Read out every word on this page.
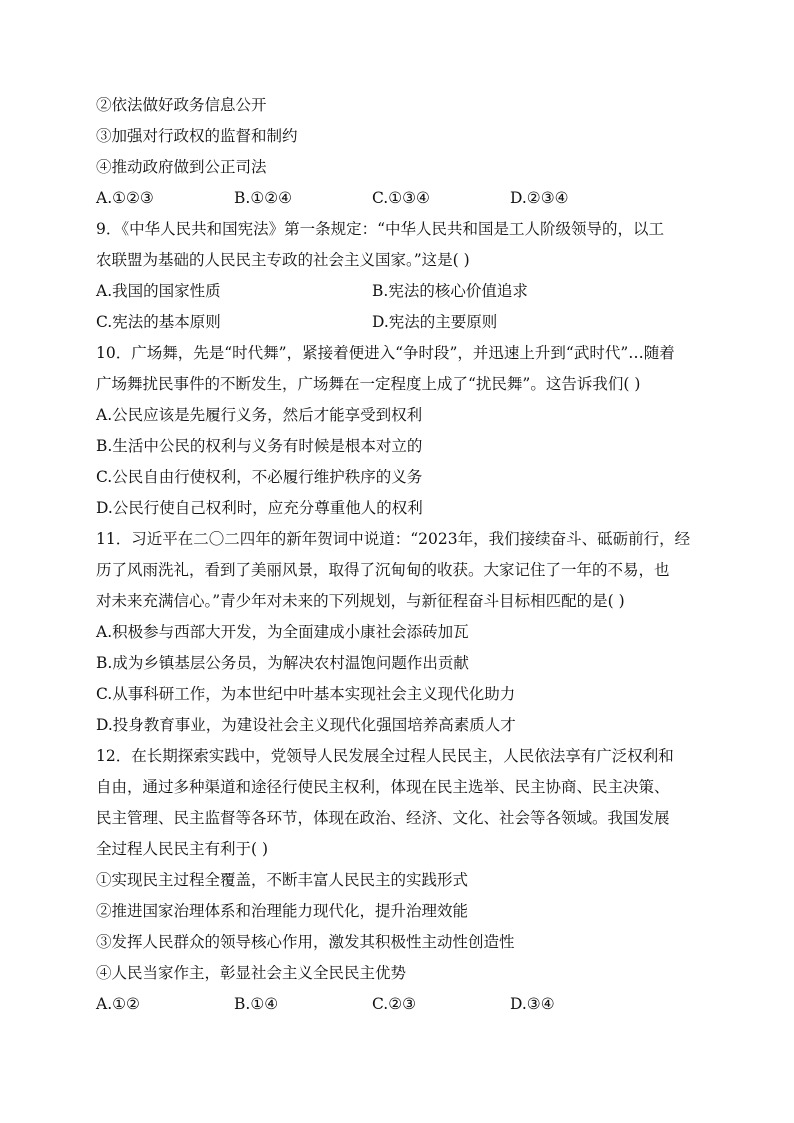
②依法做好政务信息公开
③加强对行政权的监督和制约
④推动政府做到公正司法
A.①②③	B.①②④	C.①③④	D.②③④
9．《中华人民共和国宪法》第一条规定：“中华人民共和国是工人阶级领导的，以工
农联盟为基础的人民民主专政的社会主义国家。”这是( )
A.我国的国家性质	B.宪法的核心价值追求
C.宪法的基本原则	D.宪法的主要原则
10．广场舞，先是“时代舞”，紧接着便进入“争时段”，并迅速上升到“武时代”…随着
广场舞扰民事件的不断发生，广场舞在一定程度上成了“扰民舞”。这告诉我们( )
A.公民应该是先履行义务，然后才能享受到权利
B.生活中公民的权利与义务有时候是根本对立的
C.公民自由行使权利，不必履行维护秩序的义务
D.公民行使自己权利时，应充分尊重他人的权利
11．习近平在二〇二四年的新年贺词中说道：“2023年，我们接续奋斗、砥砺前行，经
历了风雨洗礼，看到了美丽风景，取得了沉甸甸的收获。大家记住了一年的不易，也
对未来充满信心。”青少年对未来的下列规划，与新征程奋斗目标相匹配的是( )
A.积极参与西部大开发，为全面建成小康社会添砖加瓦
B.成为乡镇基层公务员，为解决农村温饱问题作出贡献
C.从事科研工作，为本世纪中叶基本实现社会主义现代化助力
D.投身教育事业，为建设社会主义现代化强国培养高素质人才
12．在长期探索实践中，党领导人民发展全过程人民民主，人民依法享有广泛权利和
自由，通过多种渠道和途径行使民主权利，体现在民主选举、民主协商、民主决策、
民主管理、民主监督等各环节，体现在政治、经济、文化、社会等各领域。我国发展
全过程人民民主有利于( )
①实现民主过程全覆盖，不断丰富人民民主的实践形式
②推进国家治理体系和治理能力现代化，提升治理效能
③发挥人民群众的领导核心作用，激发其积极性主动性创造性
④人民当家作主，彰显社会主义全民民主优势
A.①②	B.①④	C.②③	D.③④
